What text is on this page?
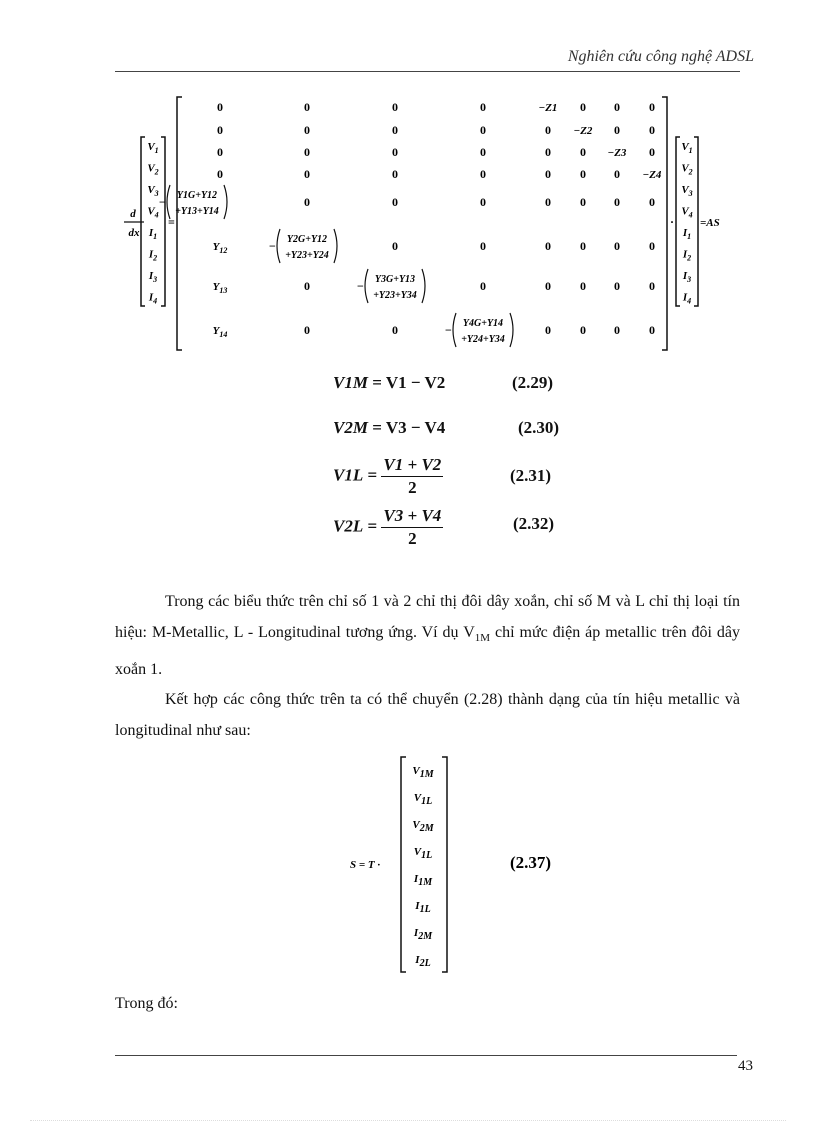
Nghiên cứu công nghệ ADSL
d
dx
$V_1$
$V_2$
$V_3$
$V_4$
$I_1$
$I_2$
$I_3$
$I_4$
=
0	0	0	0	−Z1 0 0 0
0	0	0	0	0 −Z2 0 0
0	0	0	0	0 0 −Z3 0
0	0	0	0	0 0 0 −Z4
− Y1G+Y12
+Y13+Y14
0	0	0	0 0 0 0
$Y_{12}$	− Y2G+Y12
+Y23+Y24
0	0	0 0 0 0
$Y_{13}$	0	− Y3G+Y13
+Y23+Y34
0	0 0 0 0
$Y_{14}$	0	0	− Y4G+Y14
+Y24+Y34
0 0 0 0
·
$V_1$
$V_2$
$V_3$
$V_4$
$I_1$
$I_2$
$I_3$
$I_4$
=AS
V1M = V1 − V2	(2.29)
V2M = V3 − V4	(2.30)
$V1L = \frac{V1 + V2}{2}$	(2.31)
$V2L = \frac{V3 + V4}{2}$	(2.32)
Trong các biểu thức trên chỉ số 1 và 2 chỉ thị đôi dây xoắn, chỉ số M và L chỉ thị loại tín hiệu: M-Metallic, L - Longitudinal tương ứng. Ví dụ $V_{1M}$ chỉ mức điện áp metallic trên đôi dây xoắn 1.
Kết hợp các công thức trên ta có thể chuyển (2.28) thành dạng của tín hiệu metallic và longitudinal như sau:
S = T ·
V1M
V1L
V2M
V1L
I1M
I1L
I2M
I2L
(2.37)
Trong đó:
43
